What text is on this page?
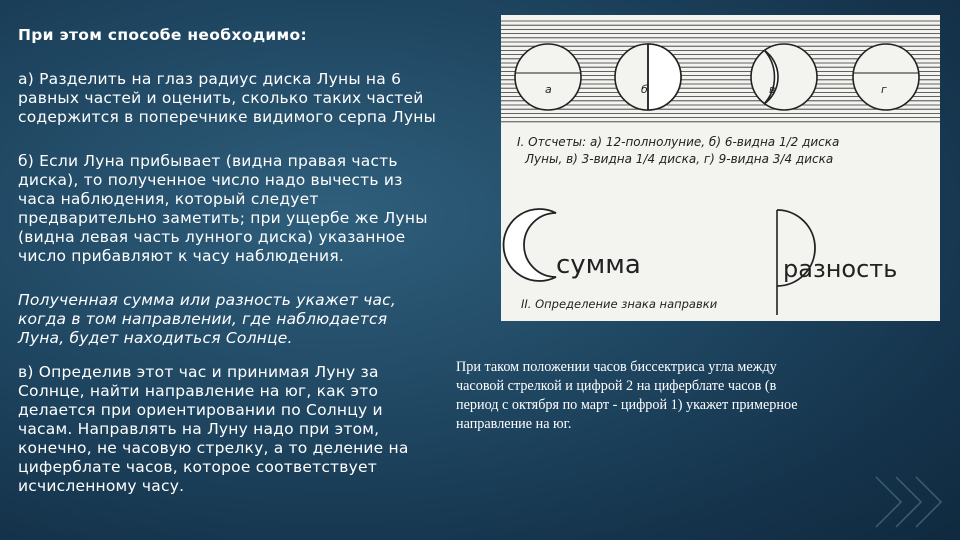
При этом способе необходимо:
а) Разделить на глаз радиус диска Луны на 6
равных частей и оценить, сколько таких частей
содержится в поперечнике видимого серпа Луны
б) Если Луна прибывает (видна правая часть
диска), то полученное число надо вычесть из
часа наблюдения, который следует
предварительно заметить; при ущербе же Луны
(видна левая часть лунного диска) указанное
число прибавляют к часу наблюдения.
Полученная сумма или разность укажет час,
когда в том направлении, где наблюдается
Луна, будет находиться Солнце.
в) Определив этот час и принимая Луну за
Солнце, найти направление на юг, как это
делается при ориентировании по Солнцу и
часам. Направлять на Луну надо при этом,
конечно, не часовую стрелку, а то деление на
циферблате часов, которое соответствует
исчисленному часу.
При таком положении часов биссектриса угла между
часовой стрелкой и цифрой 2 на циферблате часов (в
период с октября по март - цифрой 1) укажет примерное
направление на юг.
а	б	в	г
I. Отсчеты: а) 12-полнолуние, б) 6-видна 1/2 диска
Луны, в) 3-видна 1/4 диска, г) 9-видна 3/4 диска
сумма	разность
II. Определение знака направки
